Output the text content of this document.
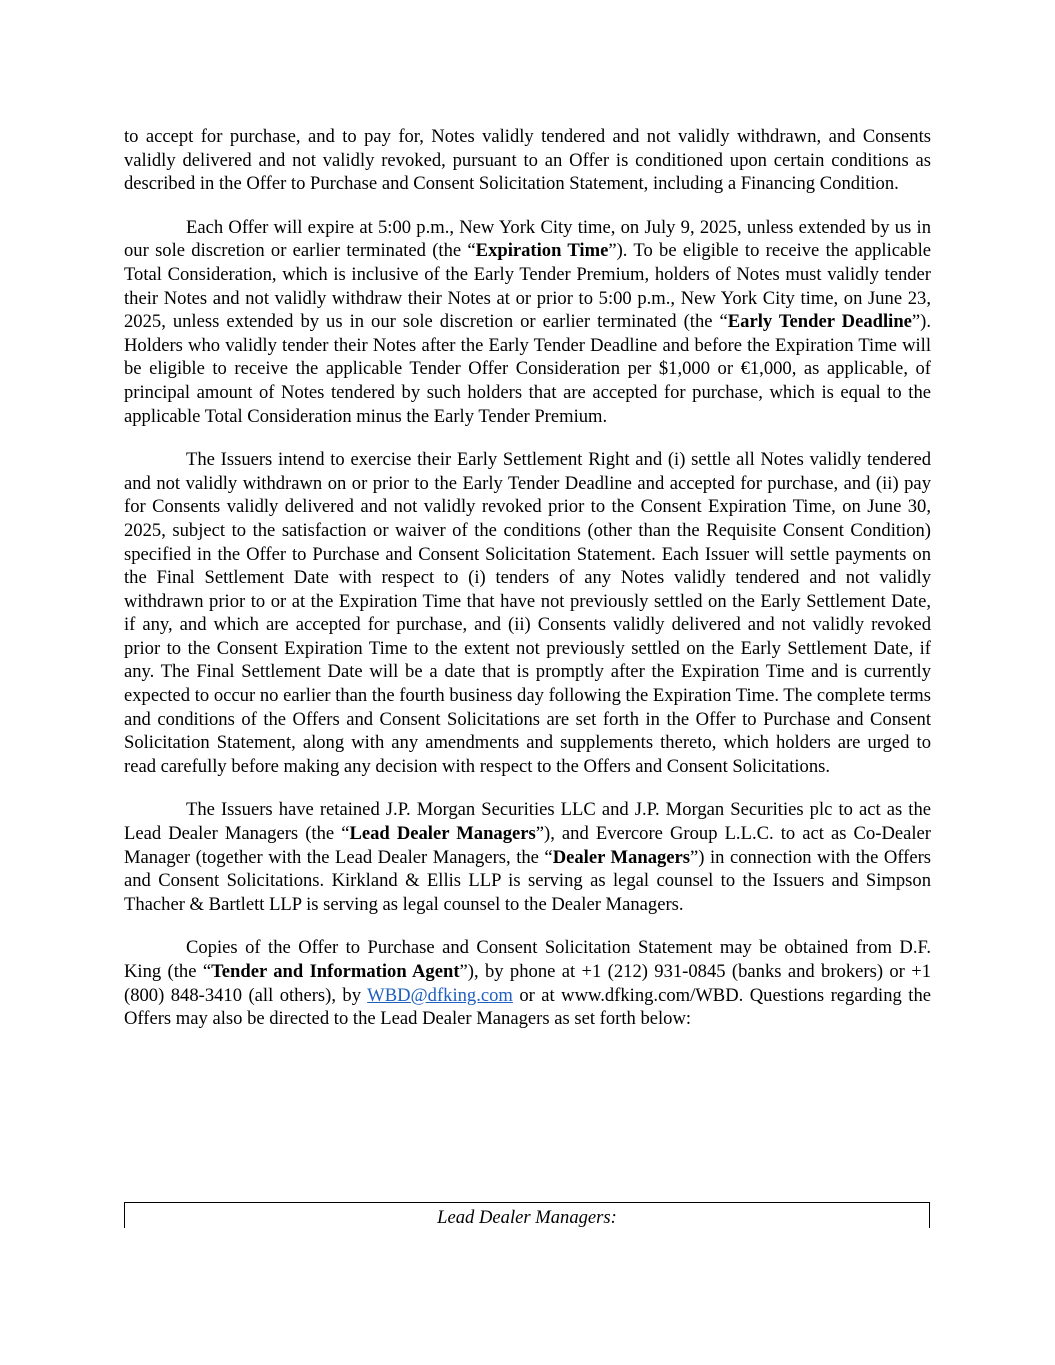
to accept for purchase, and to pay for, Notes validly tendered and not validly withdrawn, and Consents validly delivered and not validly revoked, pursuant to an Offer is conditioned upon certain conditions as described in the Offer to Purchase and Consent Solicitation Statement, including a Financing Condition.

Each Offer will expire at 5:00 p.m., New York City time, on July 9, 2025, unless extended by us in our sole discretion or earlier terminated (the “Expiration Time”). To be eligible to receive the applicable Total Consideration, which is inclusive of the Early Tender Premium, holders of Notes must validly tender their Notes and not validly withdraw their Notes at or prior to 5:00 p.m., New York City time, on June 23, 2025, unless extended by us in our sole discretion or earlier terminated (the “Early Tender Deadline”). Holders who validly tender their Notes after the Early Tender Deadline and before the Expiration Time will be eligible to receive the applicable Tender Offer Consideration per $1,000 or €1,000, as applicable, of principal amount of Notes tendered by such holders that are accepted for purchase, which is equal to the applicable Total Consideration minus the Early Tender Premium.

The Issuers intend to exercise their Early Settlement Right and (i) settle all Notes validly tendered and not validly withdrawn on or prior to the Early Tender Deadline and accepted for purchase, and (ii) pay for Consents validly delivered and not validly revoked prior to the Consent Expiration Time, on June 30, 2025, subject to the satisfaction or waiver of the conditions (other than the Requisite Consent Condition) specified in the Offer to Purchase and Consent Solicitation Statement. Each Issuer will settle payments on the Final Settlement Date with respect to (i) tenders of any Notes validly tendered and not validly withdrawn prior to or at the Expiration Time that have not previously settled on the Early Settlement Date, if any, and which are accepted for purchase, and (ii) Consents validly delivered and not validly revoked prior to the Consent Expiration Time to the extent not previously settled on the Early Settlement Date, if any. The Final Settlement Date will be a date that is promptly after the Expiration Time and is currently expected to occur no earlier than the fourth business day following the Expiration Time. The complete terms and conditions of the Offers and Consent Solicitations are set forth in the Offer to Purchase and Consent Solicitation Statement, along with any amendments and supplements thereto, which holders are urged to read carefully before making any decision with respect to the Offers and Consent Solicitations.

The Issuers have retained J.P. Morgan Securities LLC and J.P. Morgan Securities plc to act as the Lead Dealer Managers (the “Lead Dealer Managers”), and Evercore Group L.L.C. to act as Co-Dealer Manager (together with the Lead Dealer Managers, the “Dealer Managers”) in connection with the Offers and Consent Solicitations. Kirkland & Ellis LLP is serving as legal counsel to the Issuers and Simpson Thacher & Bartlett LLP is serving as legal counsel to the Dealer Managers.

Copies of the Offer to Purchase and Consent Solicitation Statement may be obtained from D.F. King (the “Tender and Information Agent”), by phone at +1 (212) 931-0845 (banks and brokers) or +1 (800) 848-3410 (all others), by WBD@dfking.com or at www.dfking.com/WBD. Questions regarding the Offers may also be directed to the Lead Dealer Managers as set forth below:

Lead Dealer Managers:
